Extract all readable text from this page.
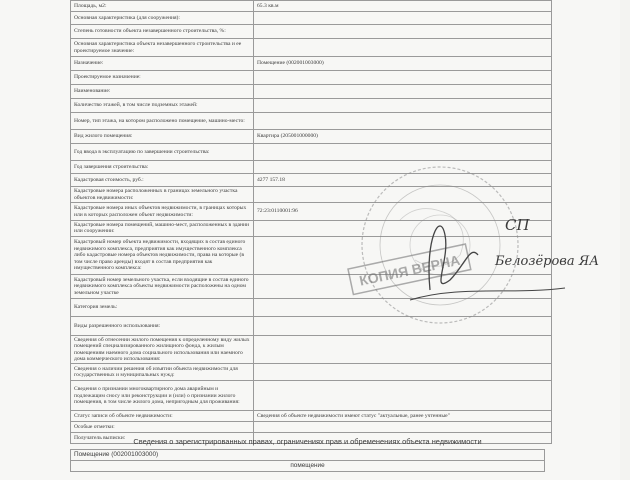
Площадь, м2:	65.3 кв.м
Основная характеристика (для сооружения):	
Степень готовности объекта незавершенного строительства, %:	
Основная характеристика объекта незавершенного строительства и ее проектируемое значение:	
Назначение:	Помещение (002001003000)
Проектируемое назначение:	
Наименование:	
Количество этажей, в том числе подземных этажей:	
Номер, тип этажа, на котором расположено помещение, машино-место:	
Вид жилого помещения:	Квартира (205001000000)
Год ввода в эксплуатацию по завершении строительства:	
Год завершения строительства:	
Кадастровая стоимость, руб.:	4277 157.18
Кадастровые номера расположенных в границах земельного участка объектов недвижимости:	
Кадастровые номера иных объектов недвижимости, в границах которых или в которых расположен объект недвижимости:	72:23:0110001:96
Кадастровые номера помещений, машино-мест, расположенных в здании или сооружении:	
Кадастровый номер объекта недвижимости, входящих в состав единого недвижимого комплекса, предприятия как имущественного комплекса либо кадастровые номера объектов недвижимости, права на которые (в том числе право аренды) входят в состав предприятия как имущественного комплекса:	
Кадастровый номер земельного участка, если входящие в состав единого недвижимого комплекса объекты недвижимости расположены на одном земельном участке	
Категория земель:	
Виды разрешенного использования:	
Сведения об отнесении жилого помещения к определенному виду жилых помещений специализированного жилищного фонда, к жилым помещениям наемного дома социального использования или наемного дома коммерческого использования:	
Сведения о наличии решения об изъятии объекта недвижимости для государственных и муниципальных нужд:	
Сведения о признании многоквартирного дома аварийным и подлежащим сносу или реконструкции и (или) о признании жилого помещения, в том числе жилого дома, непригодным для проживания:	
Статус записи об объекте недвижимости:	Сведения об объекте недвижимости имеют статус "актуальные, ранее учтенные"
Особые отметки:	
Получатель выписки:		Сведения о зарегистрированных правах, ограничениях прав и обременениях объекта недвижимости
Помещение (002001003000)
помещение
КОПИЯ ВЕРНА
СП
Белозёрова ЯА
